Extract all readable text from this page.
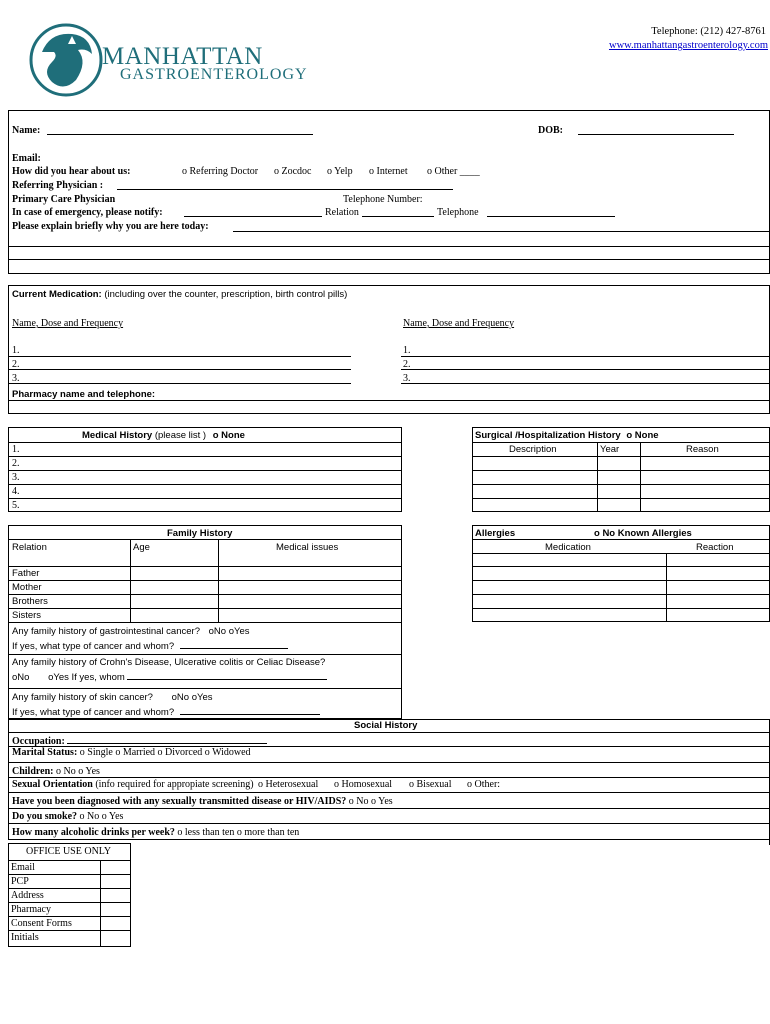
MANHATTAN
GASTROENTEROLOGY
Telephone: (212) 427-8761
www.manhattangastroenterology.com
Name:	DOB:
Email:
How did you hear about us:	o Referring Doctor o Zocdoc o Yelp o Internet o Other ____
Referring Physician :
Primary Care Physician	Telephone Number:
In case of emergency, please notify:	Relation	Telephone
Please explain briefly why you are here today:
Current Medication: (including over the counter, prescription, birth control pills)
Name, Dose and Frequency	Name, Dose and Frequency
1.
2.
3.
1.
2.
3.
Pharmacy name and telephone:
Medical History (please list ) o None
1.
2.
3.
4.
5.
Surgical /Hospitalization History o None
Description	Year	Reason
Family History
Relation	Age	Medical issues
Father
Mother
Brothers
Sisters
Any family history of gastrointestinal cancer? oNo oYes
If yes, what type of cancer and whom?
Any family history of Crohn's Disease, Ulcerative colitis or Celiac Disease?
oNo oYes If yes, whom
Any family history of skin cancer? oNo oYes
If yes, what type of cancer and whom?
Allergies	o No Known Allergies
Medication	Reaction
Social History
Occupation:
Marital Status: o Single o Married o Divorced o Widowed
Children: o No o Yes
Sexual Orientation (info required for appropiate screening) o Heterosexual o Homosexual o Bisexual o Other:
Have you been diagnosed with any sexually transmitted disease or HIV/AIDS? o No o Yes
Do you smoke? o No o Yes
How many alcoholic drinks per week? o less than ten o more than ten
OFFICE USE ONLY
Email
PCP
Address
Pharmacy
Consent Forms
Initials
